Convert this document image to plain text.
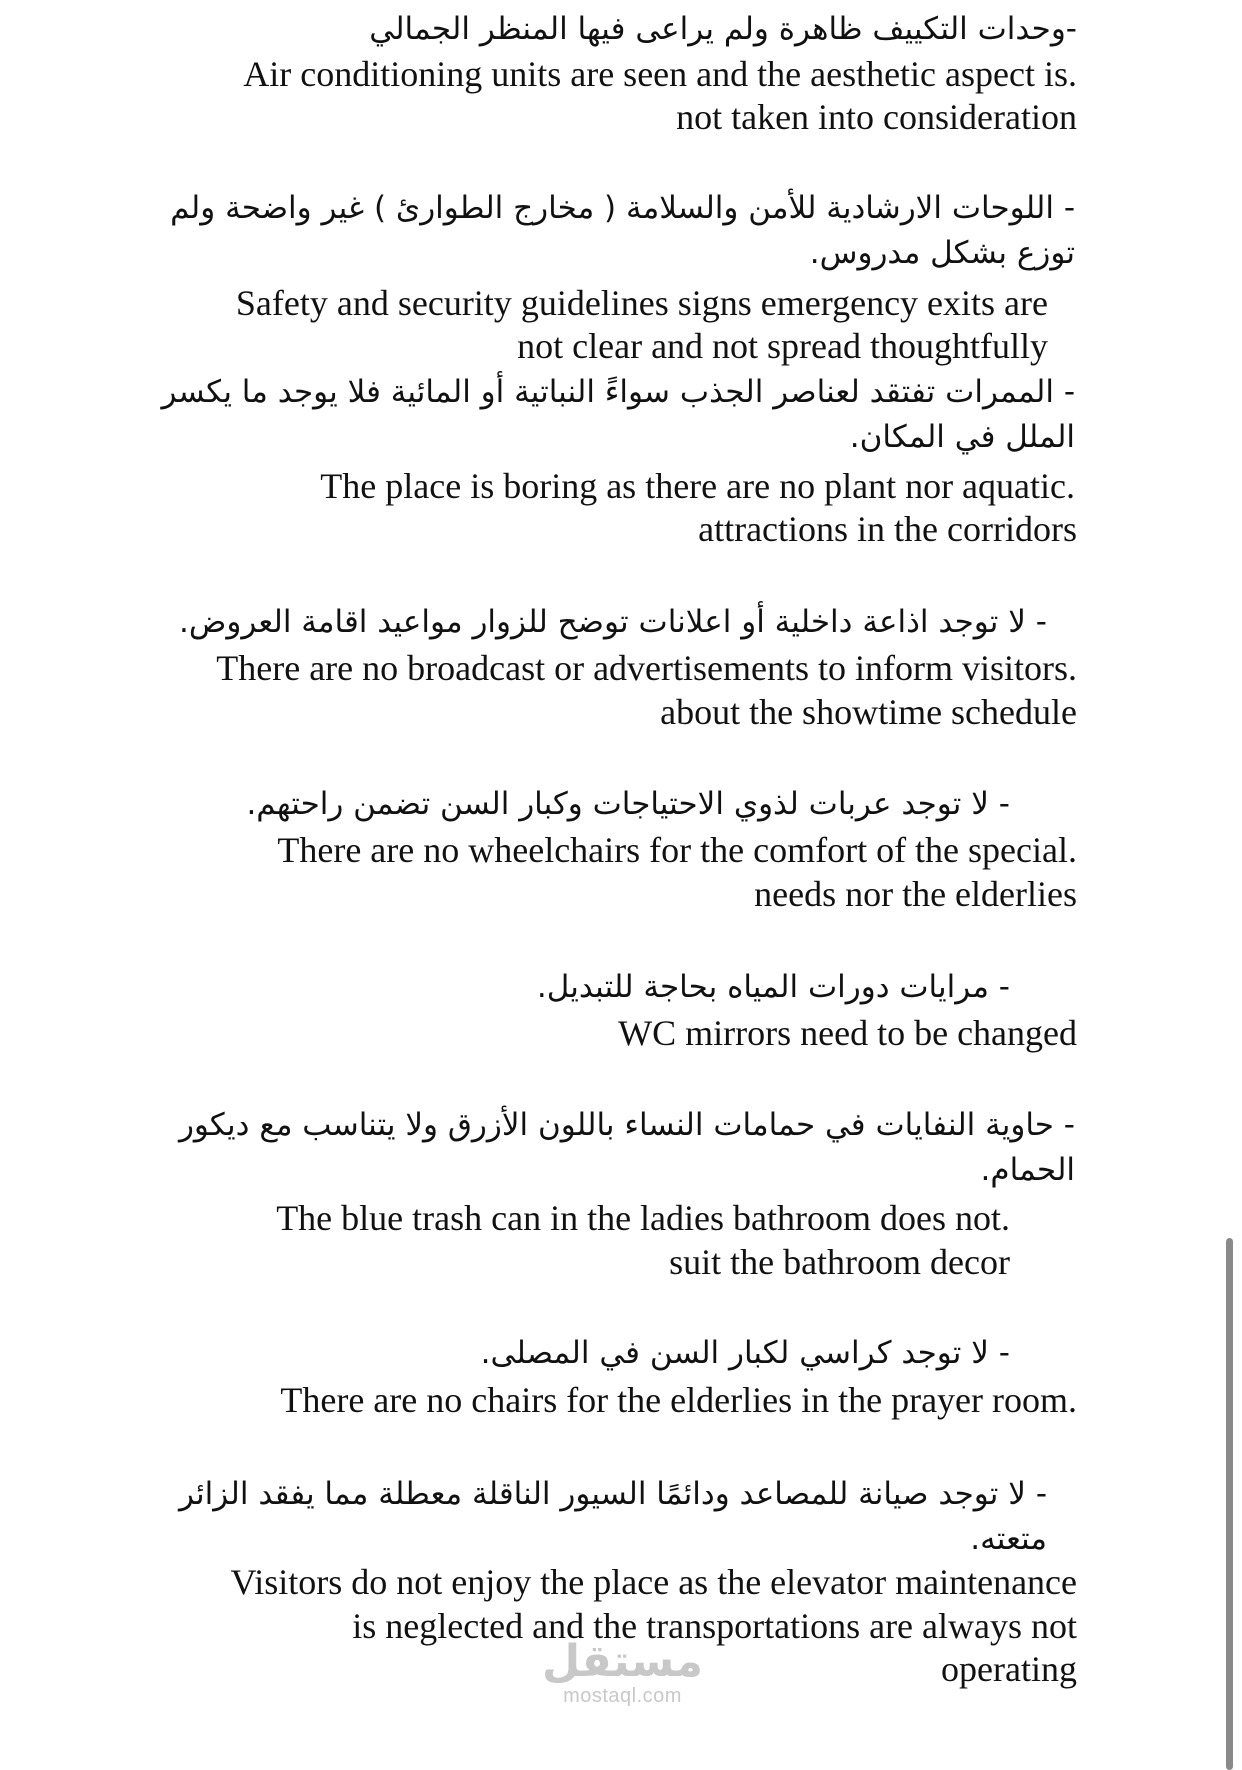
-وحدات التكييف ظاهرة ولم يراعى فيها المنظر الجمالي
Air conditioning units are seen and the aesthetic aspect is.
not taken into consideration
- اللوحات الارشادية للأمن والسلامة ( مخارج الطوارئ ) غير واضحة ولم
توزع بشكل مدروس.
Safety and security guidelines signs emergency exits are
not clear and not spread thoughtfully
- الممرات تفتقد لعناصر الجذب سواءً النباتية أو المائية فلا يوجد ما يكسر
الملل في المكان.
The place is boring as there are no plant nor aquatic.
attractions in the corridors
- لا توجد اذاعة داخلية أو اعلانات توضح للزوار مواعيد اقامة العروض.
There are no broadcast or advertisements to inform visitors.
about the showtime schedule
- لا توجد عربات لذوي الاحتياجات وكبار السن تضمن راحتهم.
There are no wheelchairs for the comfort of the special.
needs nor the elderlies
- مرايات دورات المياه بحاجة للتبديل.
WC mirrors need to be changed
- حاوية النفايات في حمامات النساء باللون الأزرق ولا يتناسب مع ديكور
الحمام.
The blue trash can in the ladies bathroom does not.
suit the bathroom decor
- لا توجد كراسي لكبار السن في المصلى.
There are no chairs for the elderlies in the prayer room.
- لا توجد صيانة للمصاعد ودائمًا السيور الناقلة معطلة مما يفقد الزائر
متعته.
Visitors do not enjoy the place as the elevator maintenance
is neglected and the transportations are always not
operating
مستقل
mostaql.com
